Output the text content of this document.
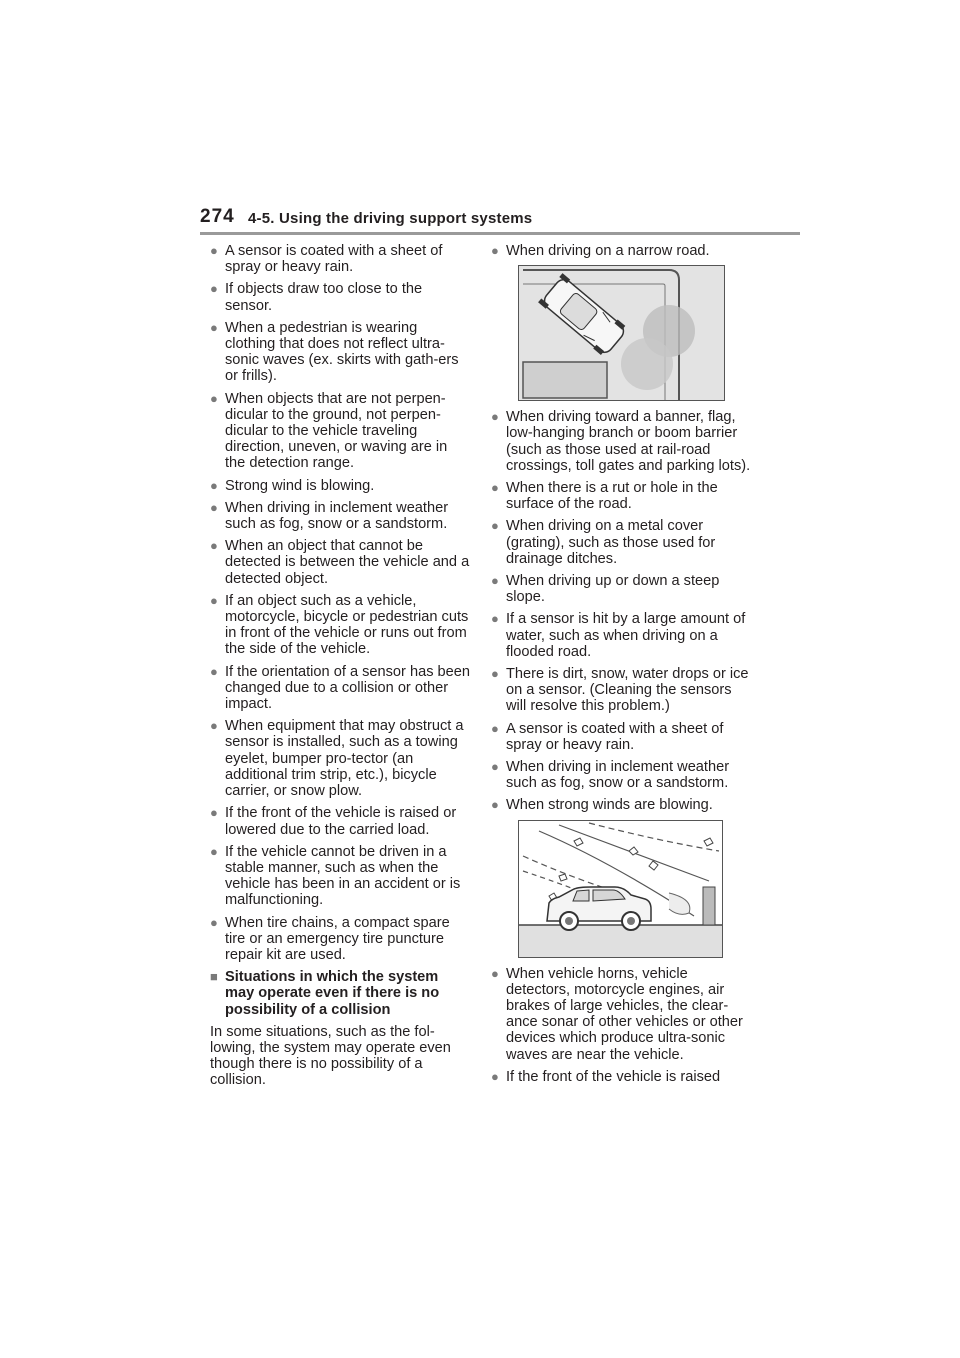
274 4-5. Using the driving support systems
● A sensor is coated with a sheet of spray or heavy rain.
● If objects draw too close to the sensor.
● When a pedestrian is wearing clothing that does not reflect ultra-sonic waves (ex. skirts with gath-ers or frills).
● When objects that are not perpen-dicular to the ground, not perpen-dicular to the vehicle traveling direction, uneven, or waving are in the detection range.
● Strong wind is blowing.
● When driving in inclement weather such as fog, snow or a sandstorm.
● When an object that cannot be detected is between the vehicle and a detected object.
● If an object such as a vehicle, motorcycle, bicycle or pedestrian cuts in front of the vehicle or runs out from the side of the vehicle.
● If the orientation of a sensor has been changed due to a collision or other impact.
● When equipment that may obstruct a sensor is installed, such as a towing eyelet, bumper pro-tector (an additional trim strip, etc.), bicycle carrier, or snow plow.
● If the front of the vehicle is raised or lowered due to the carried load.
● If the vehicle cannot be driven in a stable manner, such as when the vehicle has been in an accident or is malfunctioning.
● When tire chains, a compact spare tire or an emergency tire puncture repair kit are used.
■ Situations in which the system may operate even if there is no possibility of a collision
In some situations, such as the fol-lowing, the system may operate even though there is no possibility of a collision.
● When driving on a narrow road.
● When driving toward a banner, flag, low-hanging branch or boom barrier (such as those used at rail-road crossings, toll gates and parking lots).
● When there is a rut or hole in the surface of the road.
● When driving on a metal cover (grating), such as those used for drainage ditches.
● When driving up or down a steep slope.
● If a sensor is hit by a large amount of water, such as when driving on a flooded road.
● There is dirt, snow, water drops or ice on a sensor. (Cleaning the sensors will resolve this problem.)
● A sensor is coated with a sheet of spray or heavy rain.
● When driving in inclement weather such as fog, snow or a sandstorm.
● When strong winds are blowing.
● When vehicle horns, vehicle detectors, motorcycle engines, air brakes of large vehicles, the clear-ance sonar of other vehicles or other devices which produce ultra-sonic waves are near the vehicle.
● If the front of the vehicle is raised
